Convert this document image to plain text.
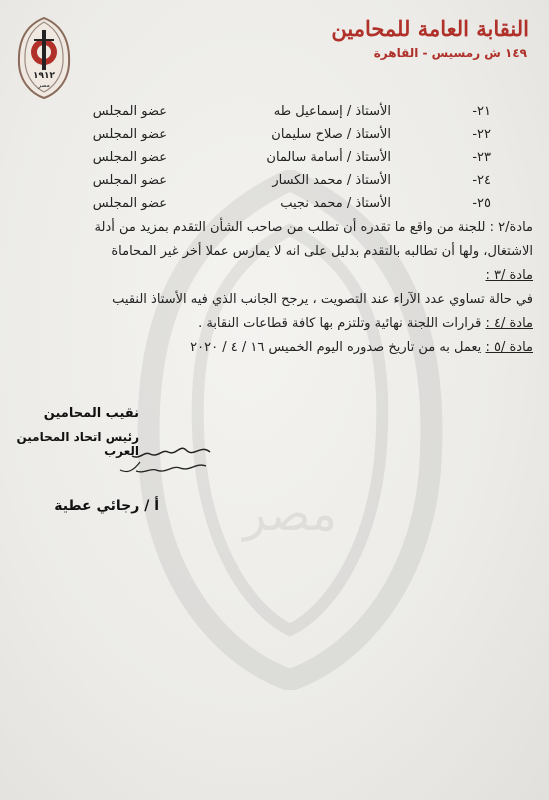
مصر
١٩١٢
مصر
النقابة العامة للمحامين
١٤٩ ش رمسيس - القاهرة
٢١-
الأستاذ / إسماعيل طه
عضو المجلس
٢٢-
الأستاذ / صلاح سليمان
عضو المجلس
٢٣-
الأستاذ / أسامة سالمان
عضو المجلس
٢٤-
الأستاذ / محمد الكسار
عضو المجلس
٢٥-
الأستاذ / محمد نجيب
عضو المجلس
مادة/٢ : للجنة من واقع ما تقدره أن تطلب من صاحب الشأن التقدم بمزيد من أدلة
الاشتغال، ولها أن تطالبه بالتقدم بدليل على انه لا يمارس عملا أخر غير المحاماة
مادة /٣ :
في حالة تساوي عدد الآراء عند التصويت ، يرجح الجانب الذي فيه الأستاذ النقيب
مادة /٤ : قرارات اللجنة نهائية وتلتزم بها كافة قطاعات النقابة .
مادة /٥ : يعمل به من تاريخ صدوره اليوم الخميس ١٦ / ٤ / ٢٠٢٠
نقيب المحامين
رئيس اتحاد المحامين العرب
أ / رجائي عطية
